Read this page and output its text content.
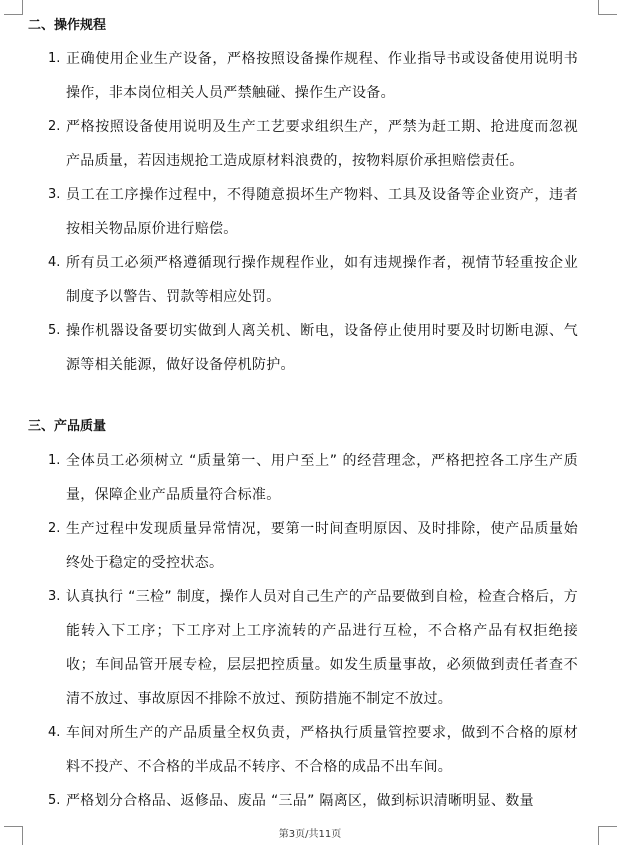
二、操作规程
1. 正确使用企业生产设备，严格按照设备操作规程、作业指导书或设备使用说明书操作，非本岗位相关人员严禁触碰、操作生产设备。
2. 严格按照设备使用说明及生产工艺要求组织生产，严禁为赶工期、抢进度而忽视产品质量，若因违规抢工造成原材料浪费的，按物料原价承担赔偿责任。
3. 员工在工序操作过程中，不得随意损坏生产物料、工具及设备等企业资产，违者按相关物品原价进行赔偿。
4. 所有员工必须严格遵循现行操作规程作业，如有违规操作者，视情节轻重按企业制度予以警告、罚款等相应处罚。
5. 操作机器设备要切实做到人离关机、断电，设备停止使用时要及时切断电源、气源等相关能源，做好设备停机防护。
三、产品质量
1. 全体员工必须树立 “质量第一、用户至上” 的经营理念，严格把控各工序生产质量，保障企业产品质量符合标准。
2. 生产过程中发现质量异常情况，要第一时间查明原因、及时排除，使产品质量始终处于稳定的受控状态。
3. 认真执行 “三检” 制度，操作人员对自己生产的产品要做到自检，检查合格后，方能转入下工序；下工序对上工序流转的产品进行互检，不合格产品有权拒绝接收；车间品管开展专检，层层把控质量。如发生质量事故，必须做到责任者查不清不放过、事故原因不排除不放过、预防措施不制定不放过。
4. 车间对所生产的产品质量全权负责，严格执行质量管控要求，做到不合格的原材料不投产、不合格的半成品不转序、不合格的成品不出车间。
5. 严格划分合格品、返修品、废品 “三品” 隔离区，做到标识清晰明显、数量
第3页/共11页
